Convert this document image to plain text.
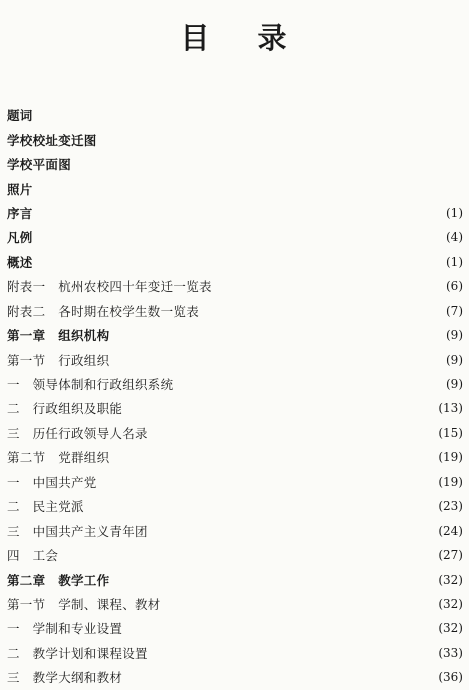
目 录
题词
学校校址变迁图
学校平面图
照片
序言	(1)
凡例	(4)
概述	(1)
附表一　杭州农校四十年变迁一览表	(6)
附表二　各时期在校学生数一览表	(7)
第一章　组织机构	(9)
第一节　行政组织	(9)
一　领导体制和行政组织系统	(9)
二　行政组织及职能	(13)
三　历任行政领导人名录	(15)
第二节　党群组织	(19)
一　中国共产党	(19)
二　民主党派	(23)
三　中国共产主义青年团	(24)
四　工会	(27)
第二章　教学工作	(32)
第一节　学制、课程、教材	(32)
一　学制和专业设置	(32)
二　教学计划和课程设置	(33)
三　教学大纲和教材	(36)
